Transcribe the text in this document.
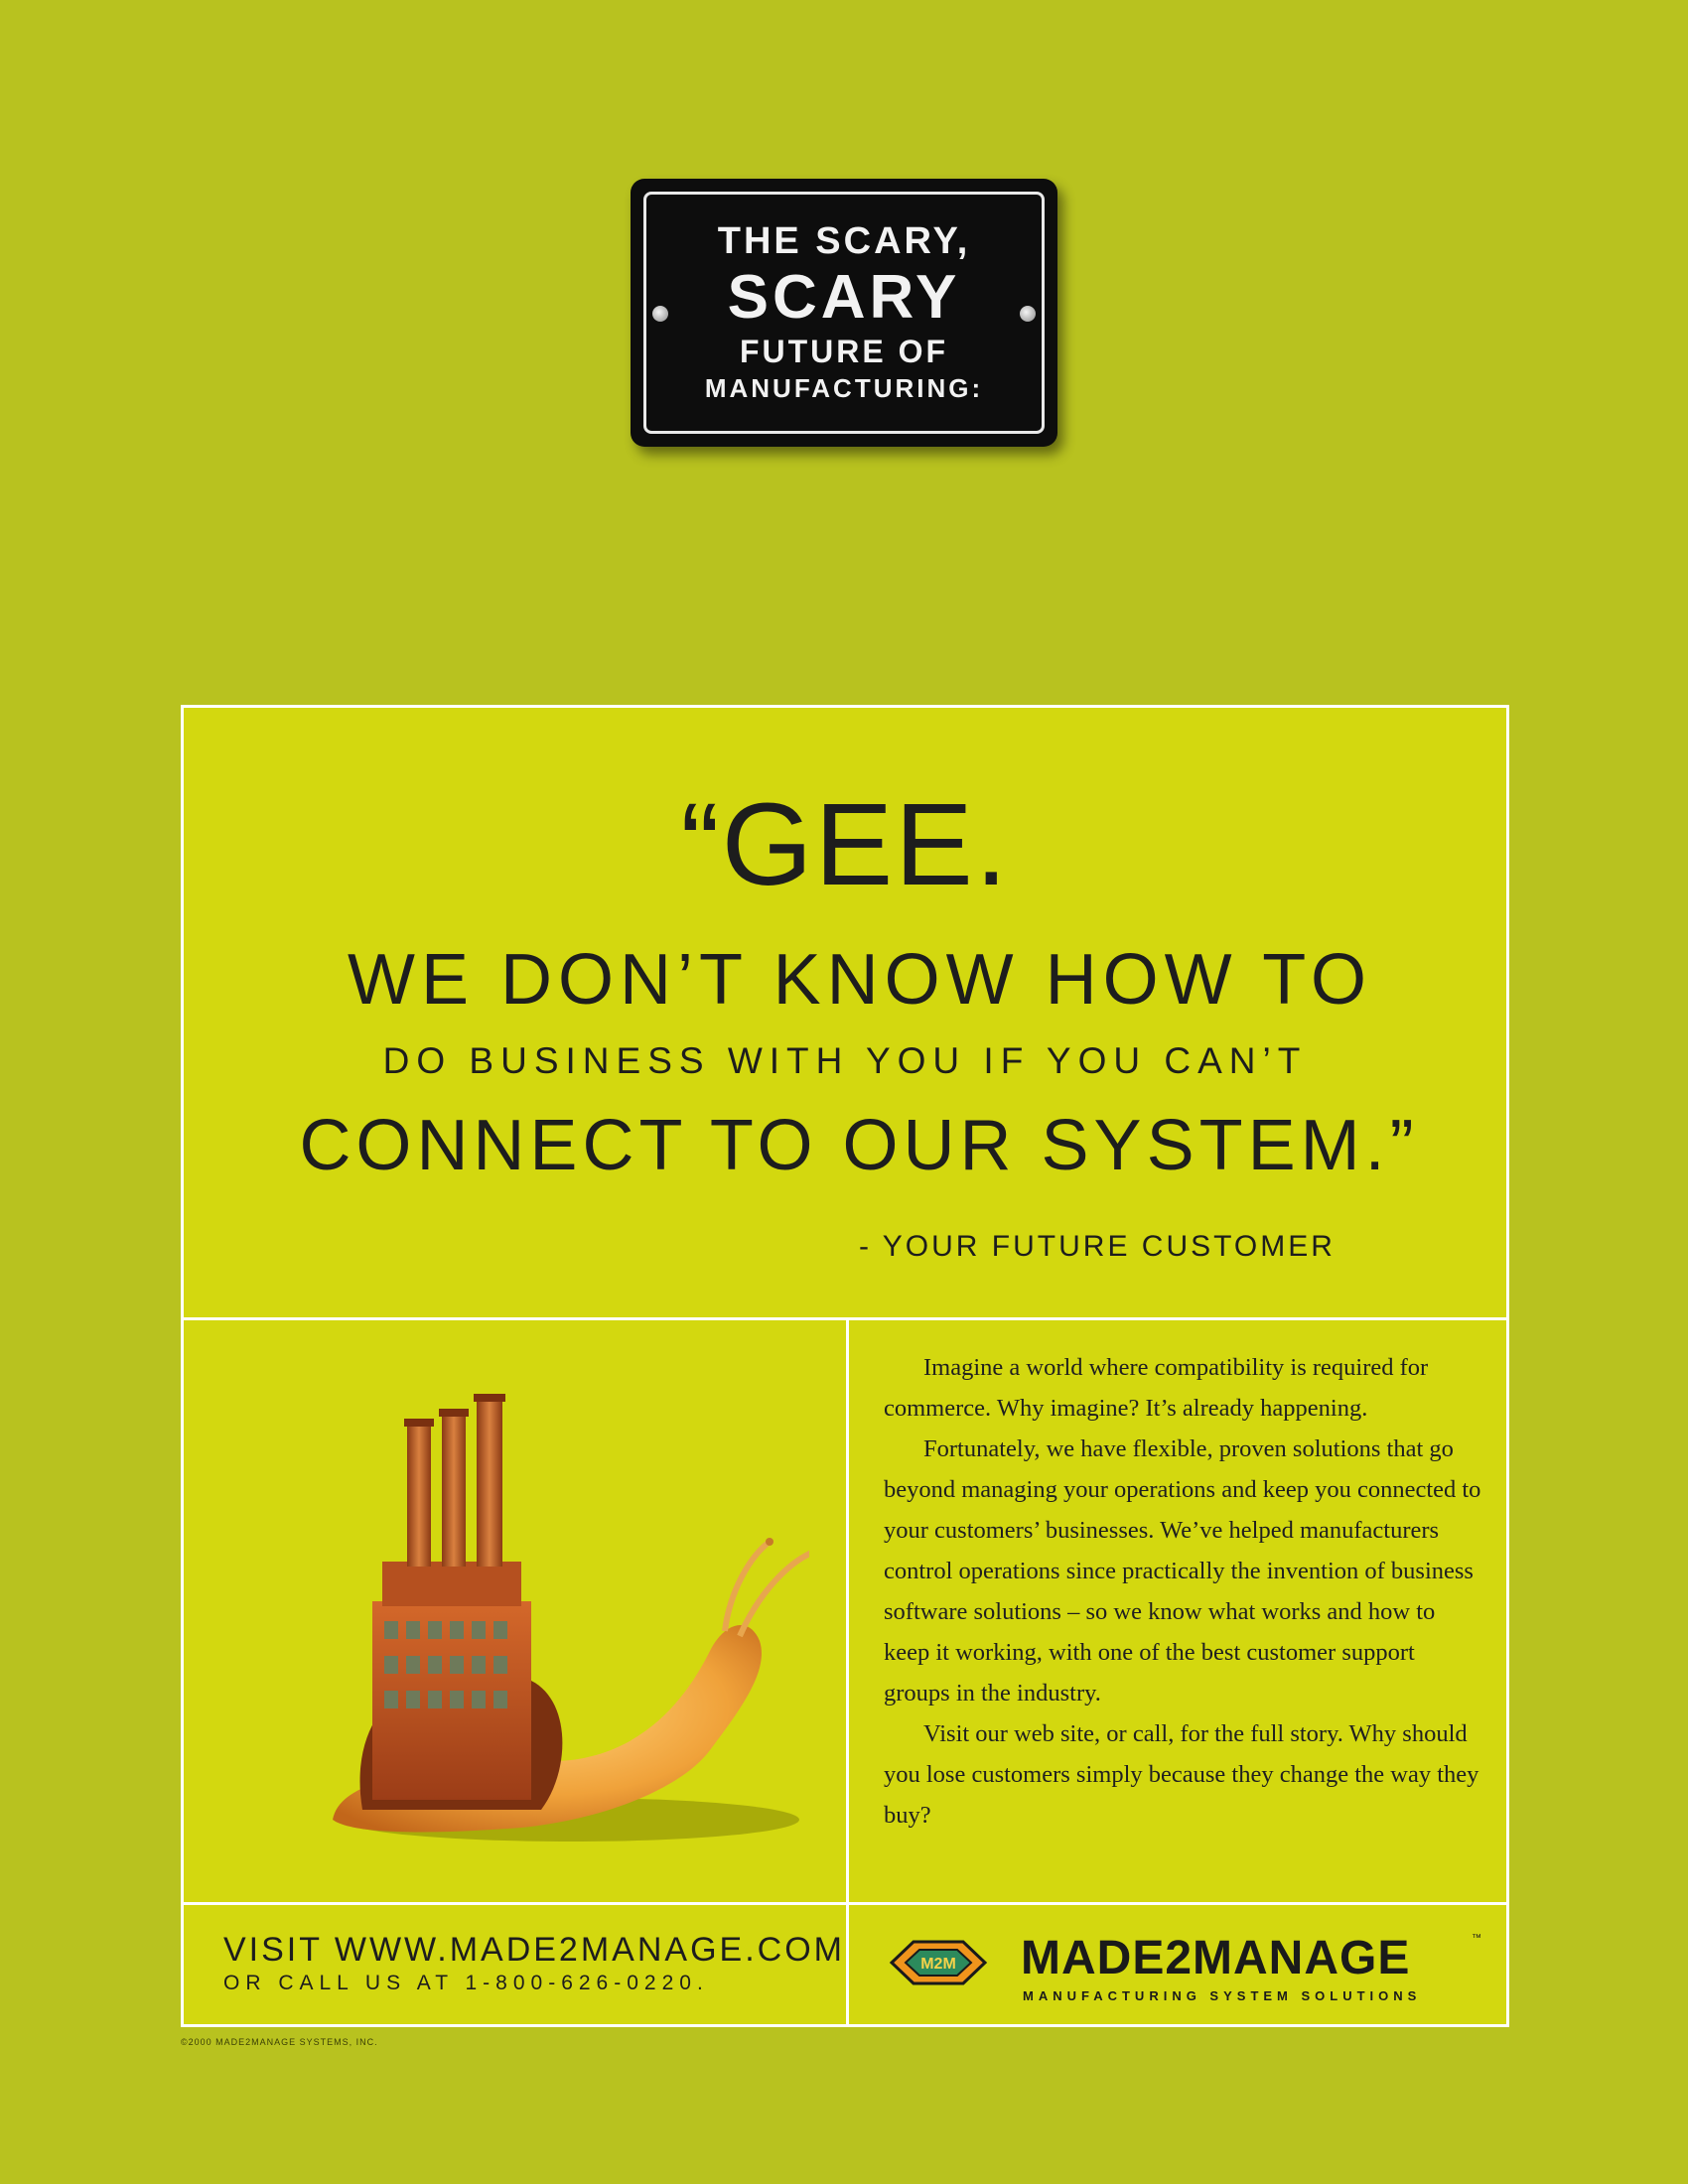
THE SCARY,
SCARY
FUTURE OF
MANUFACTURING:
“GEE.
WE DON’T KNOW HOW TO
DO BUSINESS WITH YOU IF YOU CAN’T
CONNECT TO OUR SYSTEM.”
- YOUR FUTURE CUSTOMER

Imagine a world where compatibility is required for commerce. Why imagine? It’s already happening.

Fortunately, we have flexible, proven solutions that go beyond managing your operations and keep you connected to your customers’ businesses. We’ve helped manufacturers control operations since practically the invention of business software solutions – so we know what works and how to keep it working, with one of the best customer support groups in the industry.

Visit our web site, or call, for the full story. Why should you lose customers simply because they change the way they buy?

VISIT WWW.MADE2MANAGE.COM
OR CALL US AT 1-800-626-0220.
M2M MADE2MANAGE	™
MANUFACTURING SYSTEM SOLUTIONS
©2000 MADE2MANAGE SYSTEMS, INC.
